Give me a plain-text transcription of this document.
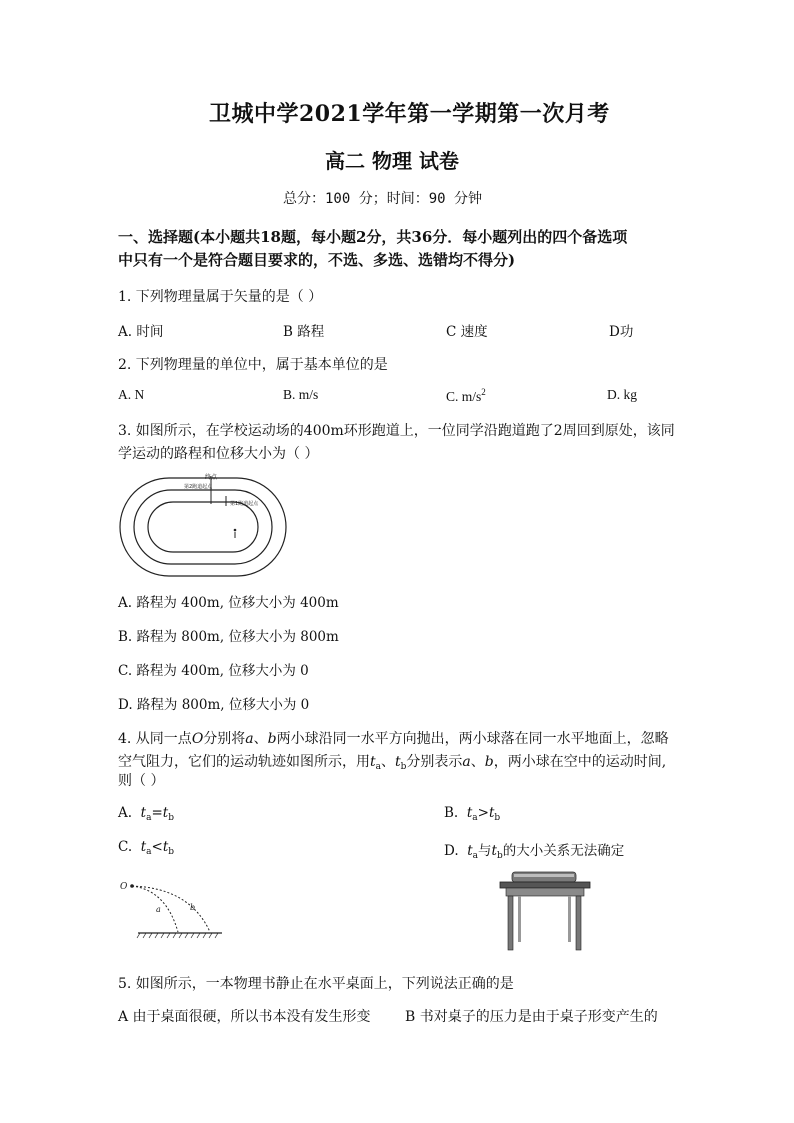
卫城中学2021学年第一学期第一次月考
高二 物理 试卷
总分：100 分；时间：90 分钟
一、选择题(本小题共18题，每小题2分，共36分．每小题列出的四个备选项
中只有一个是符合题目要求的，不选、多选、选错均不得分)
1. 下列物理量属于矢量的是（ ）
A. 时间	B 路程	C 速度	D功
2. 下列物理量的单位中，属于基本单位的是
A. N	B. m/s	C. $m/s^2$	D. kg
3. 如图所示，在学校运动场的400m环形跑道上，一位同学沿跑道跑了2周回到原处，该同
学运动的路程和位移大小为（ ）
终点
第2跑道起点
第1跑道起点
A. 路程为 400m, 位移大小为 400m
B. 路程为 800m, 位移大小为 800m
C. 路程为 400m, 位移大小为 0
D. 路程为 800m, 位移大小为 0
4. 从同一点O分别将a、b两小球沿同一水平方向抛出，两小球落在同一水平地面上，忽略
空气阻力，它们的运动轨迹如图所示，用$t_a$、$t_b$分别表示a、b，两小球在空中的运动时间,
则（ ）
A. $t_a=t_b$	B. $t_a>t_b$
C. $t_a<t_b$	D. $t_a$与$t_b$的大小关系无法确定
O
a	b
5. 如图所示，一本物理书静止在水平桌面上，下列说法正确的是
A 由于桌面很硬，所以书本没有发生形变 B 书对桌子的压力是由于桌子形变产生的
